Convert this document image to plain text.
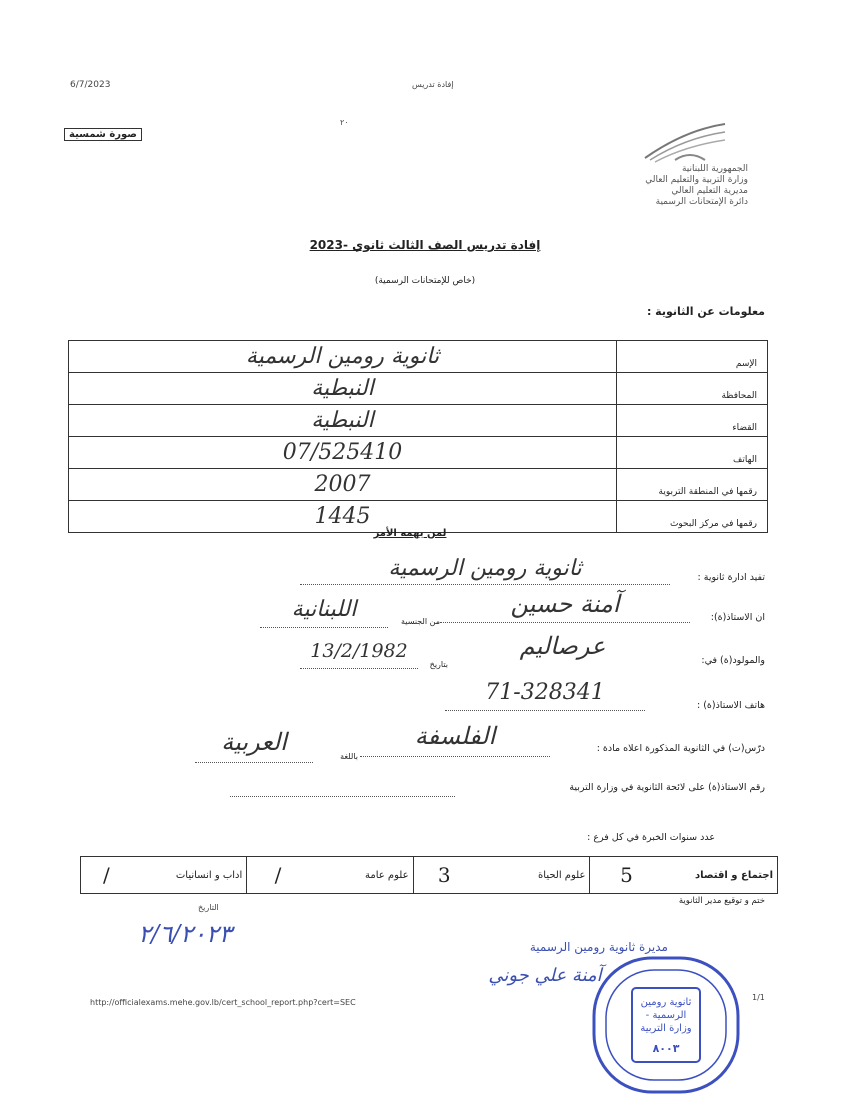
6/7/2023	إفادة تدريس
٢٠
صورة شمسية
الجمهورية اللبنانية
وزارة التربية والتعليم العالي
مديرية التعليم العالي
دائرة الإمتحانات الرسمية
إفادة تدريس الصف الثالث ثانوي -2023
(خاص للإمتحانات الرسمية)
معلومات عن الثانوية :
ثانوية رومين الرسمية	الإسم
النبطية	المحافظة
النبطية	القضاء
07/525410	الهاتف
2007	رقمها في المنطقة التربوية
1445	رقمها في مركز البحوث
لمن يهمه الأمر
تفيد ادارة ثانوية :
ثانوية رومين الرسمية
ان الاستاذ(ة):
آمنة حسين
من الجنسية
اللبنانية
والمولود(ة) في:
عرصاليم
بتاريخ
13/2/1982
هاتف الاستاذ(ة) :
71-328341
درّس(ت) في الثانوية المذكورة اعلاه مادة :
الفلسفة
باللغة
العربية
رقم الاستاذ(ة) على لائحة الثانوية في وزارة التربية
عدد سنوات الخبرة في كل فرع :
/	اداب و انسانيات	/	علوم عامة	3	علوم الحياة	5	اجتماع و اقتصاد
ختم و توقيع مدير الثانوية
التاريخ
٢/٦/٢٠٢٣	مديرة ثانوية رومين الرسمية
آمنة علي جوني
ثانوية رومين الرسمية - وزارة التربية
٨٠٠٣
http://officialexams.mehe.gov.lb/cert_school_report.php?cert=SEC
1/1
